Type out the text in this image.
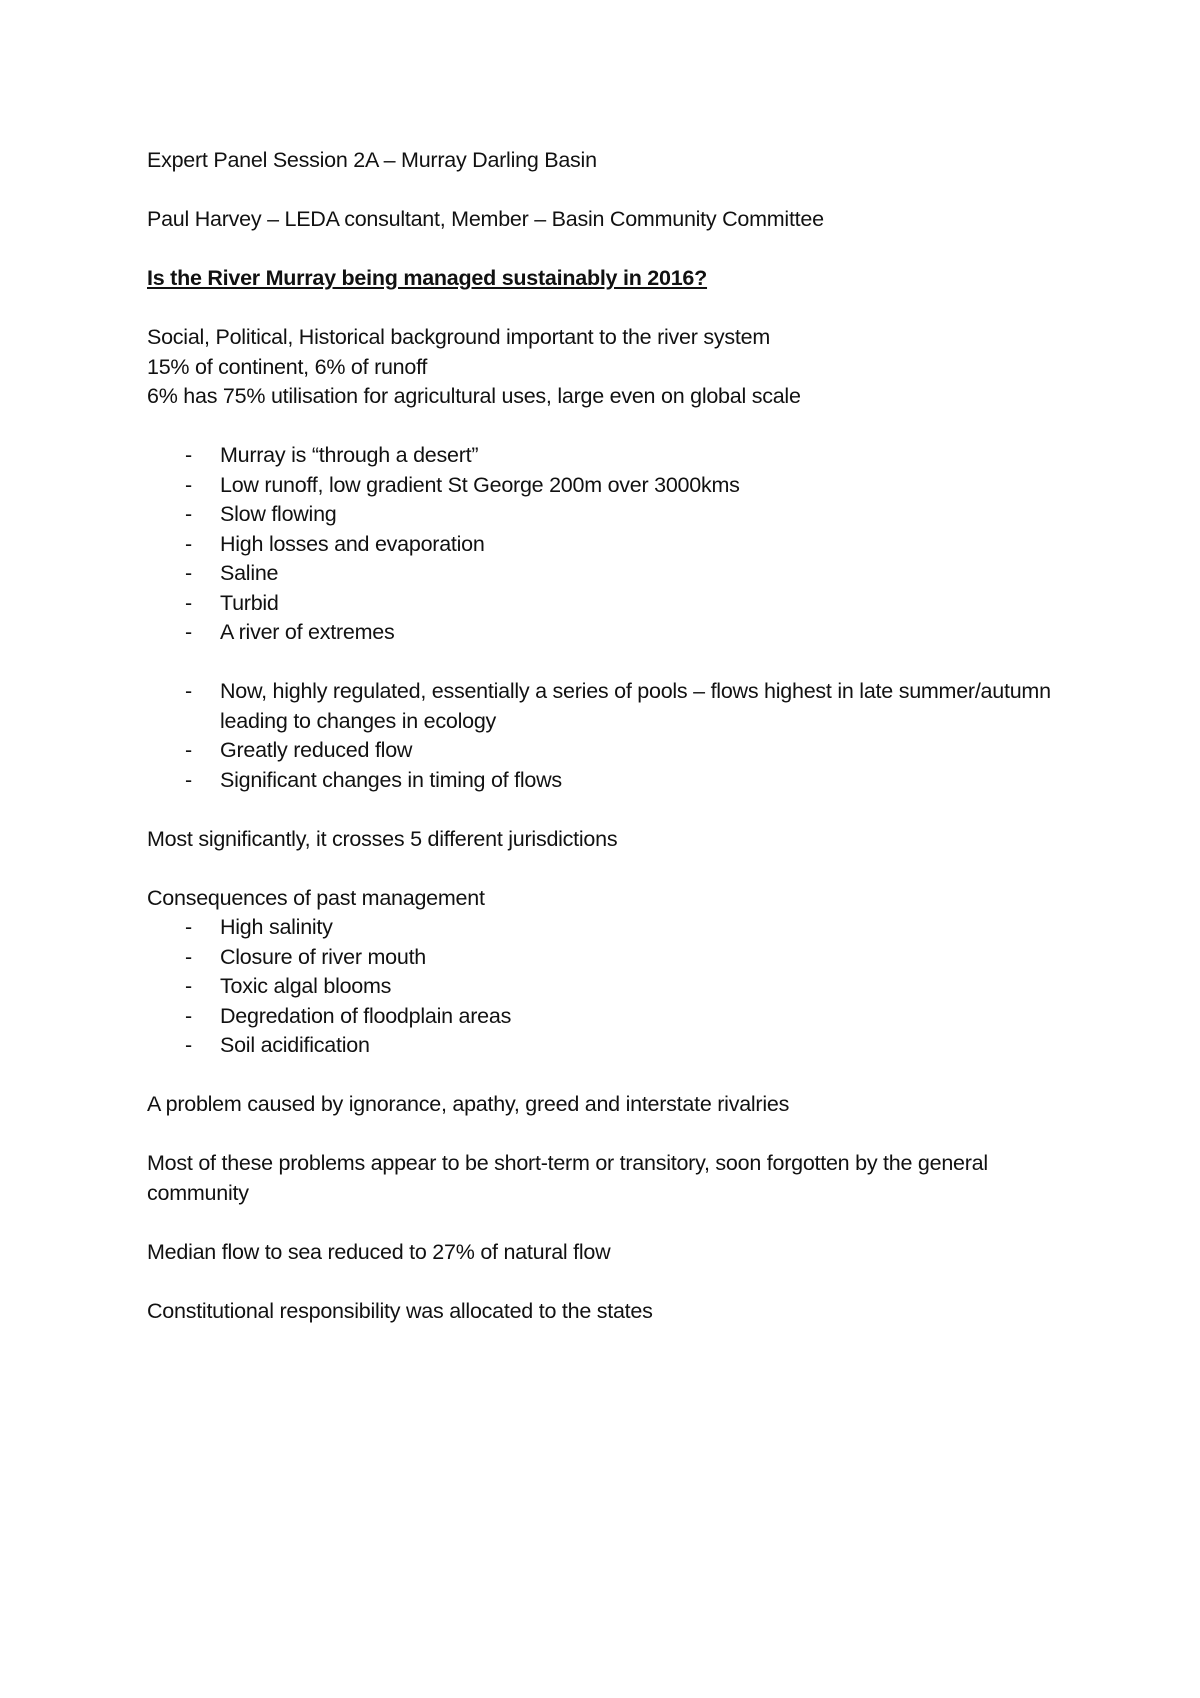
Expert Panel Session 2A – Murray Darling Basin

Paul Harvey – LEDA consultant, Member – Basin Community Committee

Is the River Murray being managed sustainably in 2016?

Social, Political, Historical background important to the river system

15% of continent, 6% of runoff

6% has 75% utilisation for agricultural uses, large even on global scale

- Murray is “through a desert”
- Low runoff, low gradient St George 200m over 3000kms
- Slow flowing
- High losses and evaporation
- Saline
- Turbid
- A river of extremes
- Now, highly regulated, essentially a series of pools – flows highest in late summer/autumn leading to changes in ecology
- Greatly reduced flow
- Significant changes in timing of flows

Most significantly, it crosses 5 different jurisdictions

Consequences of past management

- High salinity
- Closure of river mouth
- Toxic algal blooms
- Degredation of floodplain areas
- Soil acidification

A problem caused by ignorance, apathy, greed and interstate rivalries

Most of these problems appear to be short-term or transitory, soon forgotten by the general community

Median flow to sea reduced to 27% of natural flow

Constitutional responsibility was allocated to the states
